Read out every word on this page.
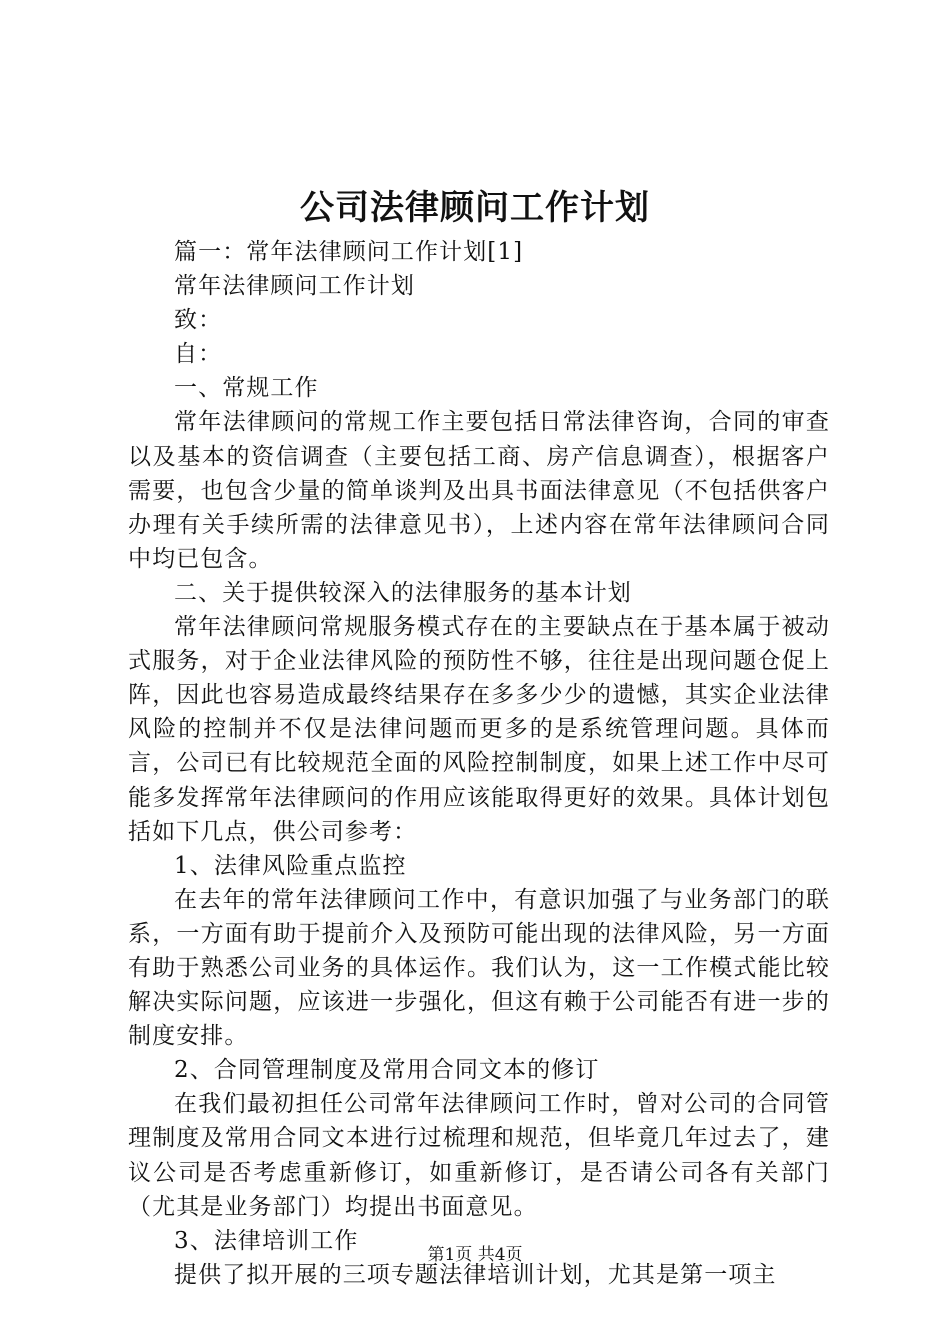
公司法律顾问工作计划

篇一：常年法律顾问工作计划[1]

常年法律顾问工作计划

致：

自：

一、常规工作

常年法律顾问的常规工作主要包括日常法律咨询，合同的审查以及基本的资信调查（主要包括工商、房产信息调查），根据客户需要，也包含少量的简单谈判及出具书面法律意见（不包括供客户办理有关手续所需的法律意见书），上述内容在常年法律顾问合同中均已包含。

二、关于提供较深入的法律服务的基本计划

常年法律顾问常规服务模式存在的主要缺点在于基本属于被动式服务，对于企业法律风险的预防性不够，往往是出现问题仓促上阵，因此也容易造成最终结果存在多多少少的遗憾，其实企业法律风险的控制并不仅是法律问题而更多的是系统管理问题。具体而言，公司已有比较规范全面的风险控制制度，如果上述工作中尽可能多发挥常年法律顾问的作用应该能取得更好的效果。具体计划包括如下几点，供公司参考：

1、法律风险重点监控

在去年的常年法律顾问工作中，有意识加强了与业务部门的联系，一方面有助于提前介入及预防可能出现的法律风险，另一方面有助于熟悉公司业务的具体运作。我们认为，这一工作模式能比较解决实际问题，应该进一步强化，但这有赖于公司能否有进一步的制度安排。

2、合同管理制度及常用合同文本的修订

在我们最初担任公司常年法律顾问工作时，曾对公司的合同管理制度及常用合同文本进行过梳理和规范，但毕竟几年过去了，建议公司是否考虑重新修订，如重新修订，是否请公司各有关部门（尤其是业务部门）均提出书面意见。

3、法律培训工作

提供了拟开展的三项专题法律培训计划，尤其是第一项主

第1页 共4页
